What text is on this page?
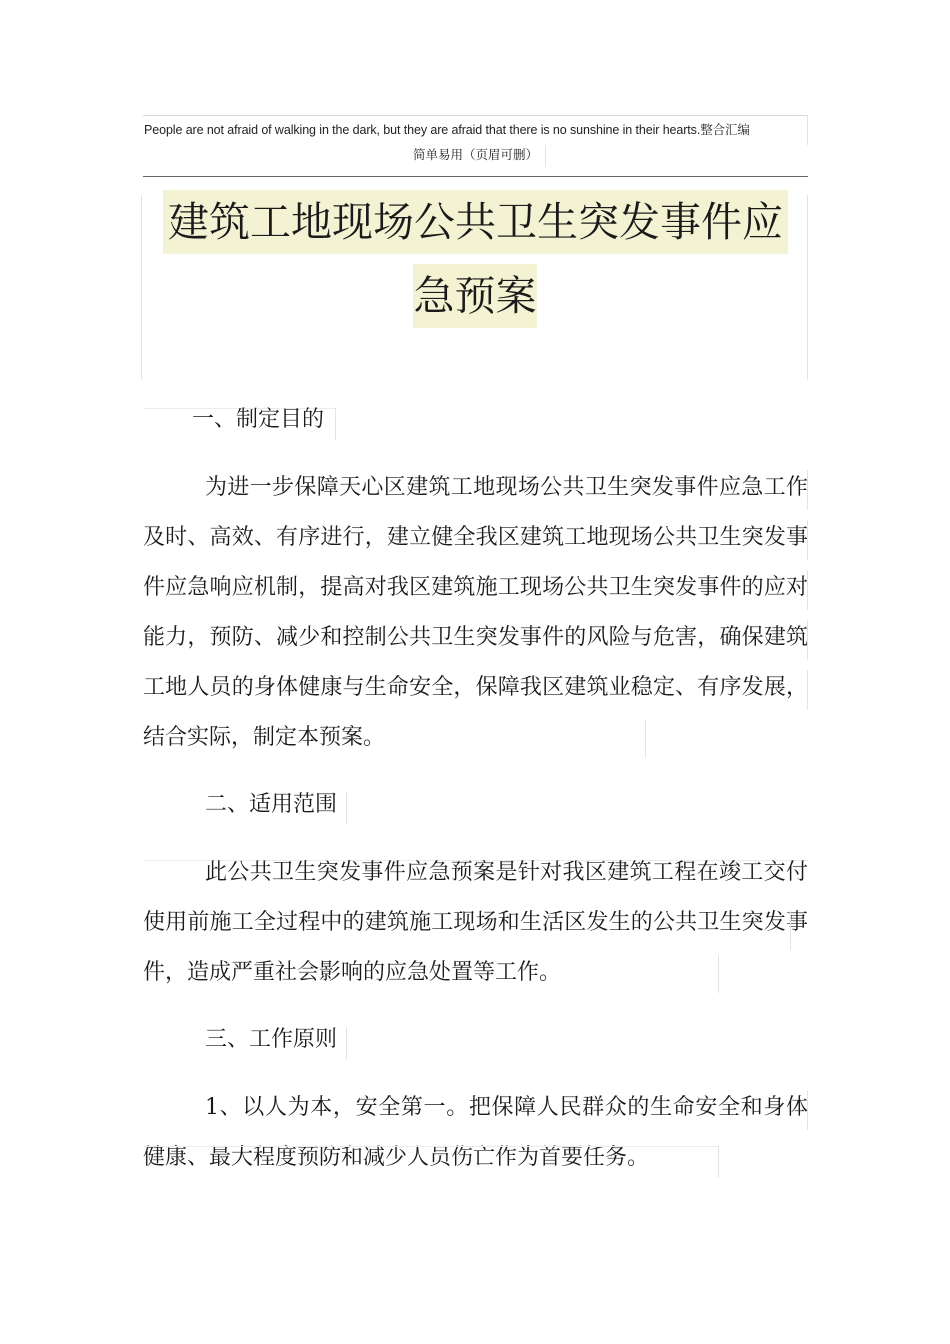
People are not afraid of walking in the dark, but they are afraid that there is no sunshine in their hearts.整合汇编

简单易用（页眉可删）

建筑工地现场公共卫生突发事件应
急预案

一、制定目的

为进一步保障天心区建筑工地现场公共卫生突发事件应急工作及时、高效、有序进行，建立健全我区建筑工地现场公共卫生突发事件应急响应机制，提高对我区建筑施工现场公共卫生突发事件的应对能力，预防、减少和控制公共卫生突发事件的风险与危害，确保建筑工地人员的身体健康与生命安全，保障我区建筑业稳定、有序发展，结合实际，制定本预案。

二、适用范围

此公共卫生突发事件应急预案是针对我区建筑工程在竣工交付使用前施工全过程中的建筑施工现场和生活区发生的公共卫生突发事件，造成严重社会影响的应急处置等工作。

三、工作原则

1、以人为本，安全第一。把保障人民群众的生命安全和身体健康、最大程度预防和减少人员伤亡作为首要任务。
